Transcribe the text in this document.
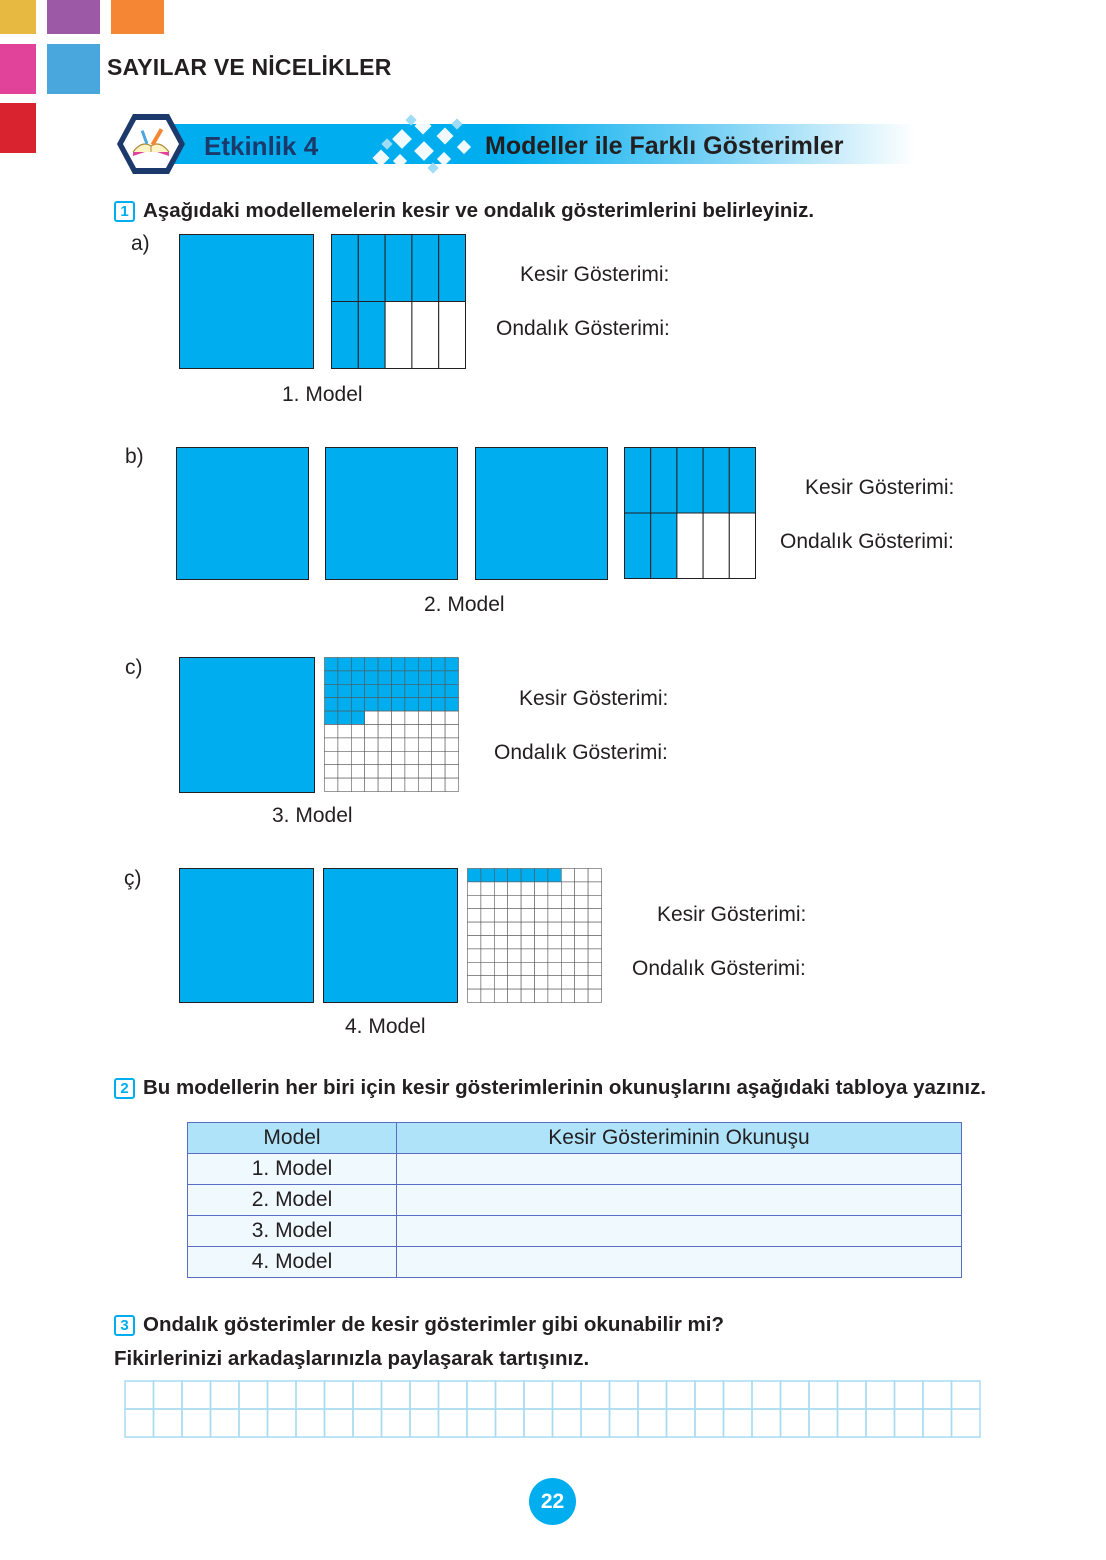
SAYILAR VE NİCELİKLER
Etkinlik 4	Modeller ile Farklı Gösterimler
1 Aşağıdaki modellemelerin kesir ve ondalık gösterimlerini belirleyiniz.
a)
Kesir Gösterimi:
Ondalık Gösterimi:
1. Model
b)
Kesir Gösterimi:
Ondalık Gösterimi:
2. Model
c)
Kesir Gösterimi:
Ondalık Gösterimi:
3. Model
ç)
Kesir Gösterimi:
Ondalık Gösterimi:
4. Model
2 Bu modellerin her biri için kesir gösterimlerinin okunuşlarını aşağıdaki tabloya yazınız.
Model	Kesir Gösteriminin Okunuşu
1. Model	
2. Model	
3. Model	
4. Model	
3 Ondalık gösterimler de kesir gösterimler gibi okunabilir mi?
Fikirlerinizi arkadaşlarınızla paylaşarak tartışınız.
22
